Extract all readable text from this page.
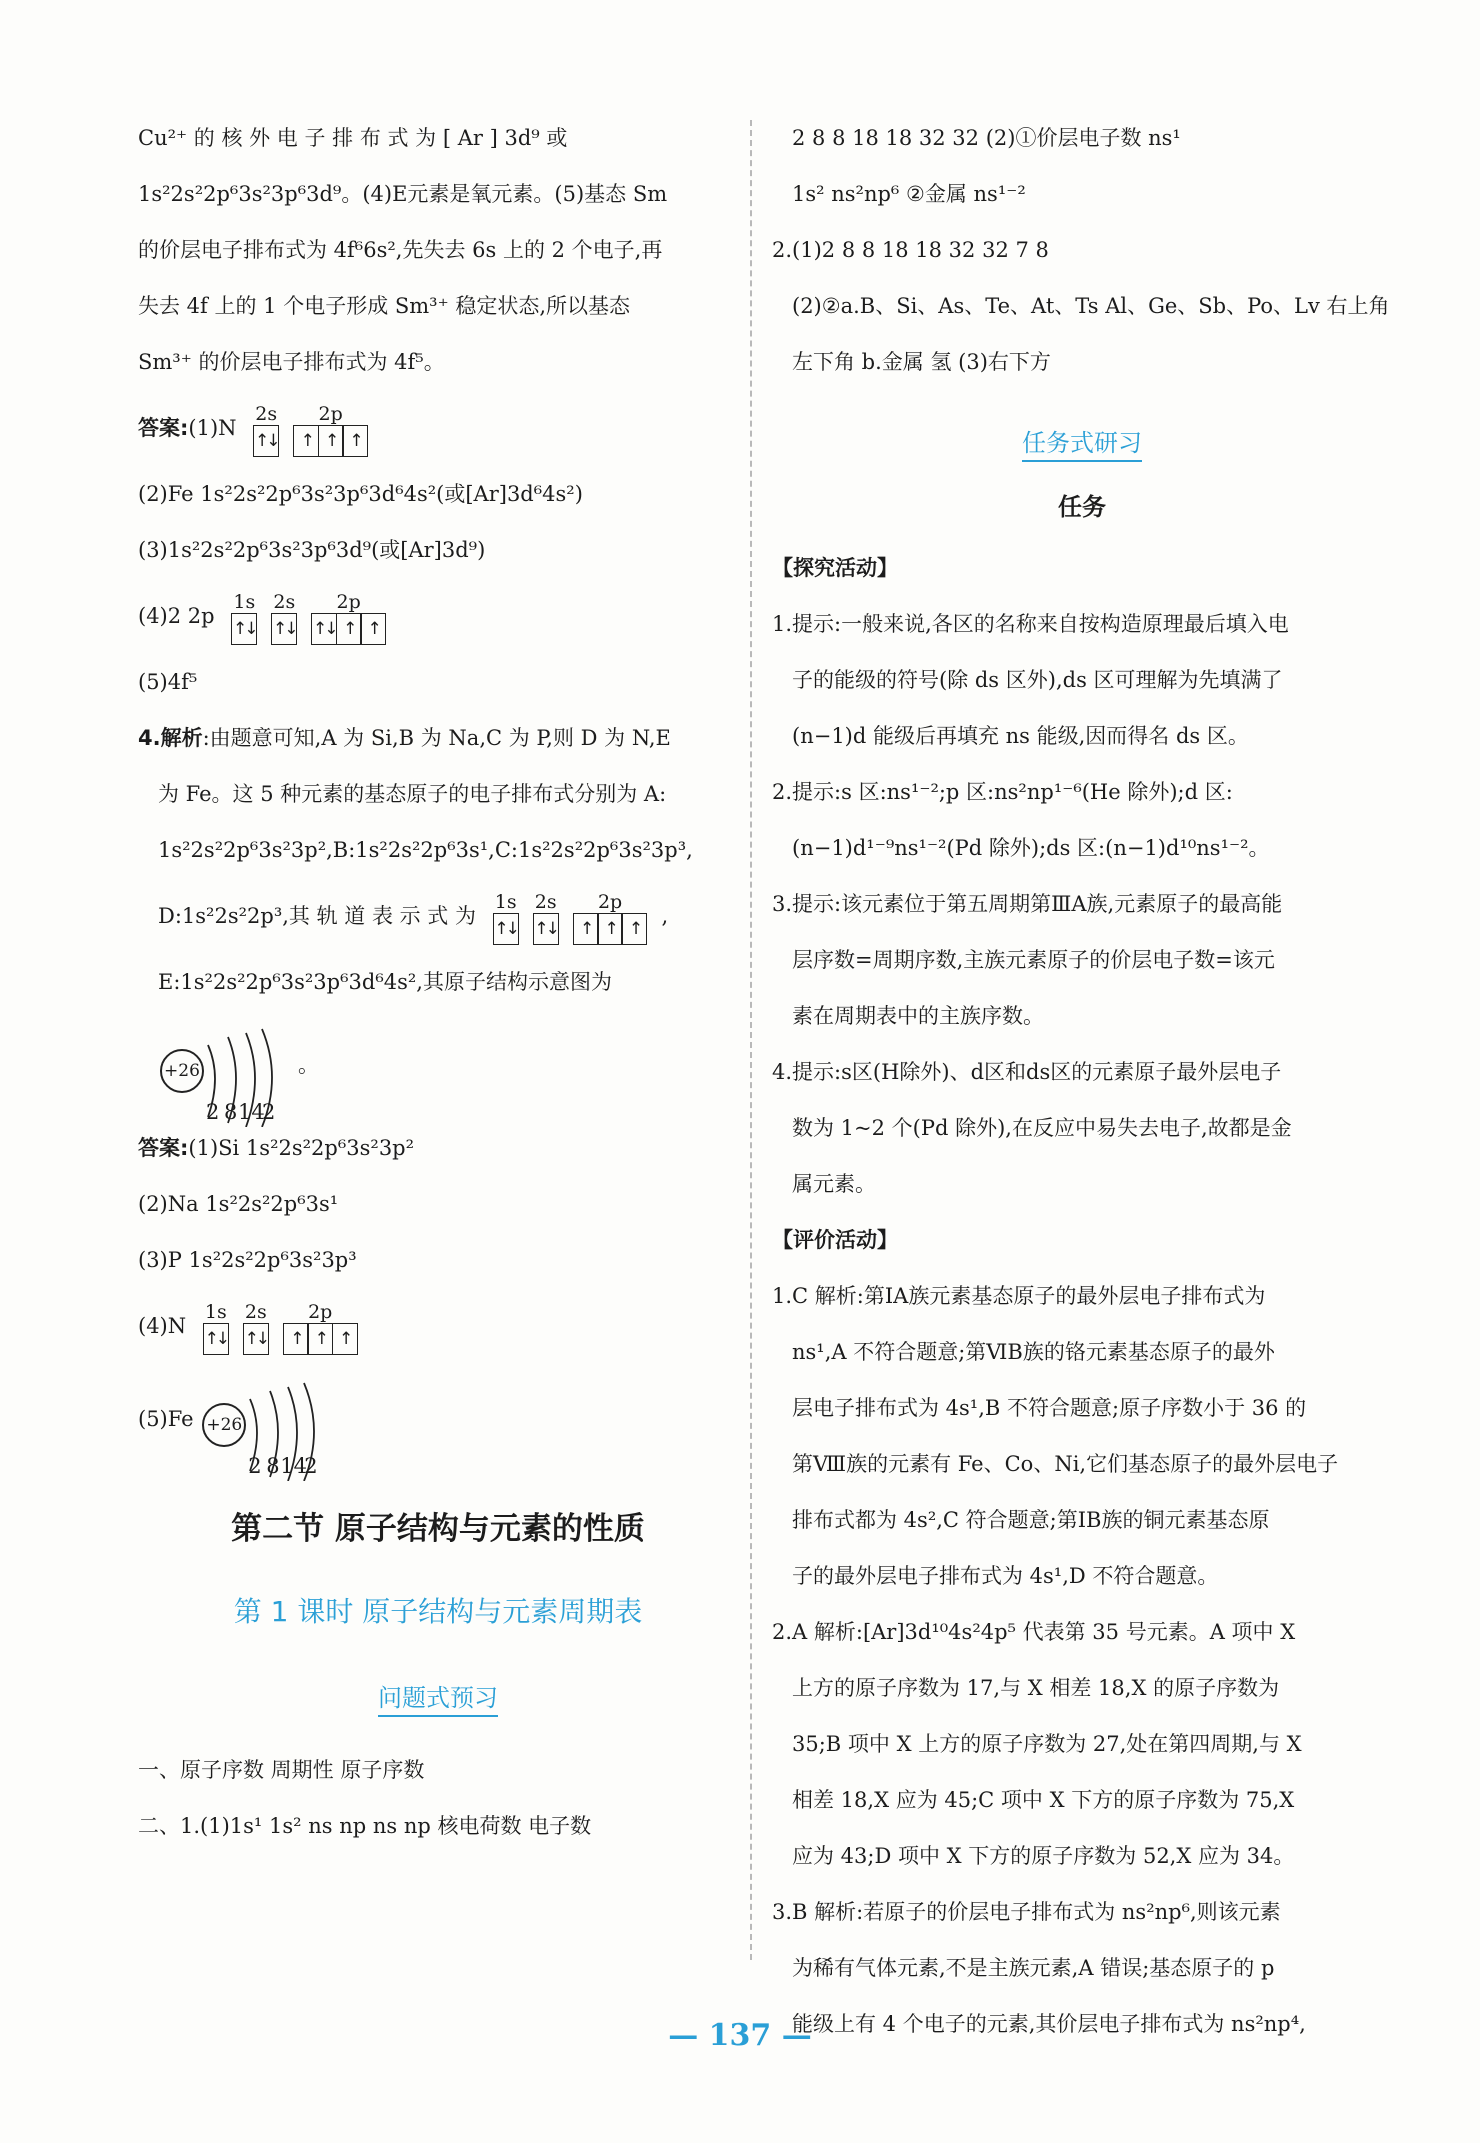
Cu²⁺ 的 核 外 电 子 排 布 式 为 [ Ar ] 3d⁹ 或
1s²2s²2p⁶3s²3p⁶3d⁹。(4)E元素是氧元素。(5)基态 Sm
的价层电子排布式为 4f⁶6s²,先失去 6s 上的 2 个电子,再
失去 4f 上的 1 个电子形成 Sm³⁺ 稳定状态,所以基态
Sm³⁺ 的价层电子排布式为 4f⁵。
答案:(1)N
2s
↑↓
2p
↑ ↑ ↑
(2)Fe 1s²2s²2p⁶3s²3p⁶3d⁶4s²(或[Ar]3d⁶4s²)
(3)1s²2s²2p⁶3s²3p⁶3d⁹(或[Ar]3d⁹)
(4)2 2p
1s
↑↓
2s
↑↓
2p
↑↓ ↑ ↑
(5)4f⁵
4.解析:由题意可知,A 为 Si,B 为 Na,C 为 P,则 D 为 N,E
为 Fe。这 5 种元素的基态原子的电子排布式分别为 A:
1s²2s²2p⁶3s²3p²,B:1s²2s²2p⁶3s¹,C:1s²2s²2p⁶3s²3p³,
D:1s²2s²2p³,其 轨 道 表 示 式 为
1s
↑↓
2s
↑↓
2p
↑ ↑ ↑
,
E:1s²2s²2p⁶3s²3p⁶3d⁶4s²,其原子结构示意图为
+26
2 8 14
2
。
答案:(1)Si 1s²2s²2p⁶3s²3p²
(2)Na 1s²2s²2p⁶3s¹
(3)P 1s²2s²2p⁶3s²3p³
(4)N
1s
↑↓
2s
↑↓
2p
↑ ↑ ↑
(5)Fe +26
2 8 14
2
第二节 原子结构与元素的性质
第 1 课时 原子结构与元素周期表
问题式预习
一、原子序数 周期性 原子序数
二、1.(1)1s¹ 1s² ns np ns np 核电荷数 电子数
2 8 8 18 18 32 32 (2)①价层电子数 ns¹
1s² ns²np⁶ ②金属 ns¹⁻²
2.(1)2 8 8 18 18 32 32 7 8
(2)②a.B、Si、As、Te、At、Ts Al、Ge、Sb、Po、Lv 右上角
左下角 b.金属 氢 (3)右下方
任务式研习
任务
【探究活动】
1.提示:一般来说,各区的名称来自按构造原理最后填入电
子的能级的符号(除 ds 区外),ds 区可理解为先填满了
(n−1)d 能级后再填充 ns 能级,因而得名 ds 区。
2.提示:s 区:ns¹⁻²;p 区:ns²np¹⁻⁶(He 除外);d 区:
(n−1)d¹⁻⁹ns¹⁻²(Pd 除外);ds 区:(n−1)d¹⁰ns¹⁻²。
3.提示:该元素位于第五周期第ⅢA族,元素原子的最高能
层序数=周期序数,主族元素原子的价层电子数=该元
素在周期表中的主族序数。
4.提示:s区(H除外)、d区和ds区的元素原子最外层电子
数为 1~2 个(Pd 除外),在反应中易失去电子,故都是金
属元素。
【评价活动】
1.C 解析:第ⅠA族元素基态原子的最外层电子排布式为
ns¹,A 不符合题意;第ⅥB族的铬元素基态原子的最外
层电子排布式为 4s¹,B 不符合题意;原子序数小于 36 的
第Ⅷ族的元素有 Fe、Co、Ni,它们基态原子的最外层电子
排布式都为 4s²,C 符合题意;第ⅠB族的铜元素基态原
子的最外层电子排布式为 4s¹,D 不符合题意。
2.A 解析:[Ar]3d¹⁰4s²4p⁵ 代表第 35 号元素。A 项中 X
上方的原子序数为 17,与 X 相差 18,X 的原子序数为
35;B 项中 X 上方的原子序数为 27,处在第四周期,与 X
相差 18,X 应为 45;C 项中 X 下方的原子序数为 75,X
应为 43;D 项中 X 下方的原子序数为 52,X 应为 34。
3.B 解析:若原子的价层电子排布式为 ns²np⁶,则该元素
为稀有气体元素,不是主族元素,A 错误;基态原子的 p
能级上有 4 个电子的元素,其价层电子排布式为 ns²np⁴,
— 137 —
